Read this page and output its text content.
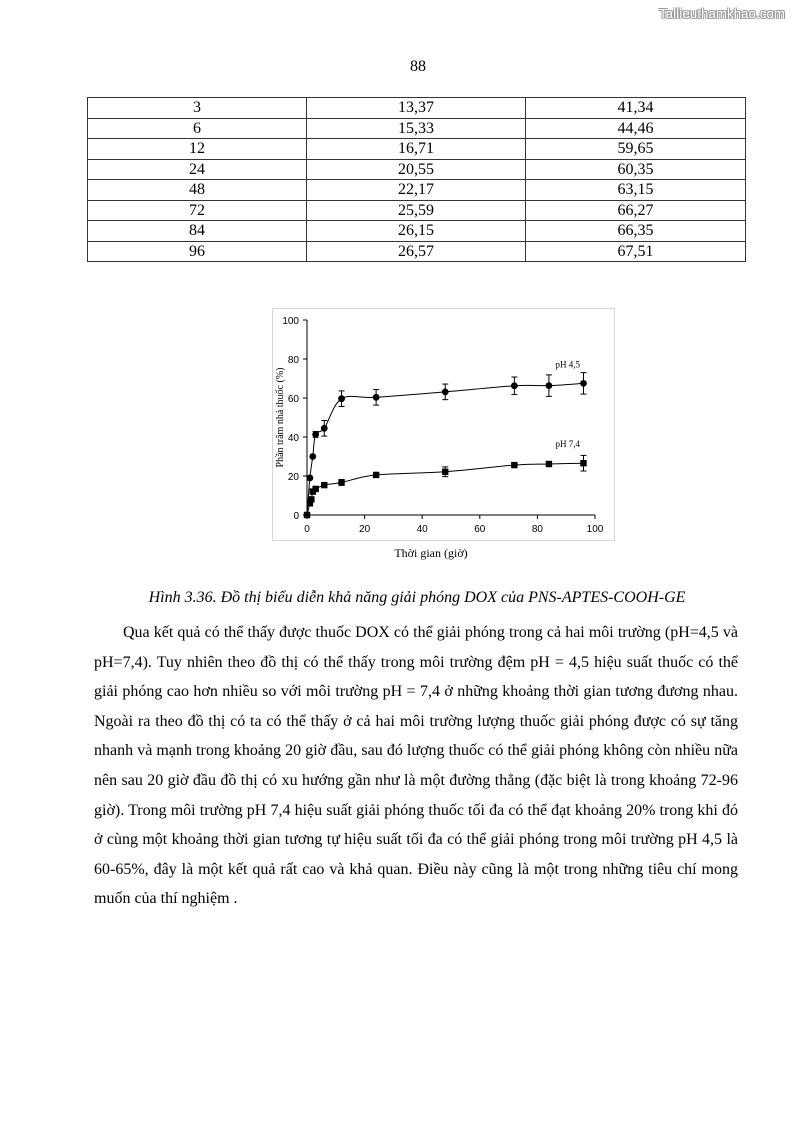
Tailieuthamkhao.com
88
3	13,37	41,34
6	15,33	44,46
12	16,71	59,65
24	20,55	60,35
48	22,17	63,15
72	25,59	66,27
84	26,15	66,35
96	26,57	67,51
0
20
40
60
80
100
0	20	40	60	80	100
Phần trăm nhả thuốc (%)
pH 4,5
pH 7,4
Thời gian (giờ)
Hình 3.36. Đồ thị biểu diễn khả năng giải phóng DOX của PNS-APTES-COOH-GE

Qua kết quả có thể thấy được thuốc DOX có thể giải phóng trong cả hai môi trường (pH=4,5 và pH=7,4). Tuy nhiên theo đồ thị có thể thấy trong môi trường đệm pH = 4,5 hiệu suất thuốc có thể giải phóng cao hơn nhiều so với môi trường pH = 7,4 ở những khoảng thời gian tương đương nhau. Ngoài ra theo đồ thị có ta có thể thấy ở cả hai môi trường lượng thuốc giải phóng được có sự tăng nhanh và mạnh trong khoảng 20 giờ đầu, sau đó lượng thuốc có thể giải phóng không còn nhiều nữa nên sau 20 giờ đầu đồ thị có xu hướng gần như là một đường thẳng (đặc biệt là trong khoảng 72-96 giờ). Trong môi trường pH 7,4 hiệu suất giải phóng thuốc tối đa có thể đạt khoảng 20% trong khi đó ở cùng một khoảng thời gian tương tự hiệu suất tối đa có thể giải phóng trong môi trường pH 4,5 là 60-65%, đây là một kết quả rất cao và khả quan. Điều này cũng là một trong những tiêu chí mong muốn của thí nghiệm .
